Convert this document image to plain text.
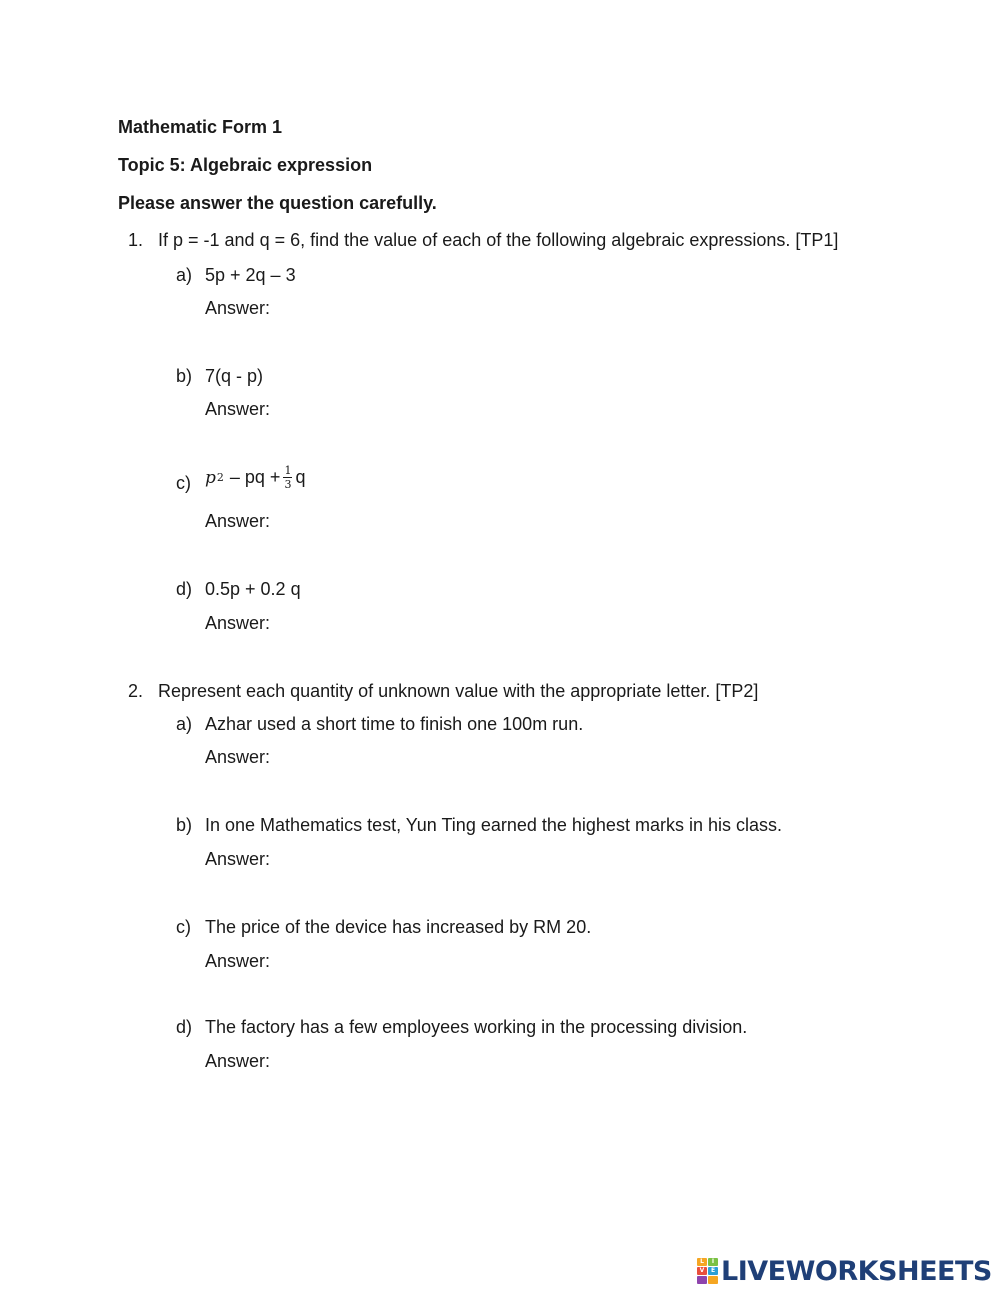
Mathematic Form 1
Topic 5: Algebraic expression
Please answer the question carefully.
1. If p = -1 and q = 6, find the value of each of the following algebraic expressions. [TP1]
a) 5p + 2q – 3
Answer:
b) 7(q - p)
Answer:
c) p 2 – pq + $\frac{1}{3}$ q
Answer:
d) 0.5p + 0.2 q
Answer:
2. Represent each quantity of unknown value with the appropriate letter. [TP2]
a) Azhar used a short time to finish one 100m run.
Answer:
b) In one Mathematics test, Yun Ting earned the highest marks in his class.
Answer:
c) The price of the device has increased by RM 20.
Answer:
d) The factory has a few employees working in the processing division.
Answer:
L	I
V	E LIVEWORKSHEETS
